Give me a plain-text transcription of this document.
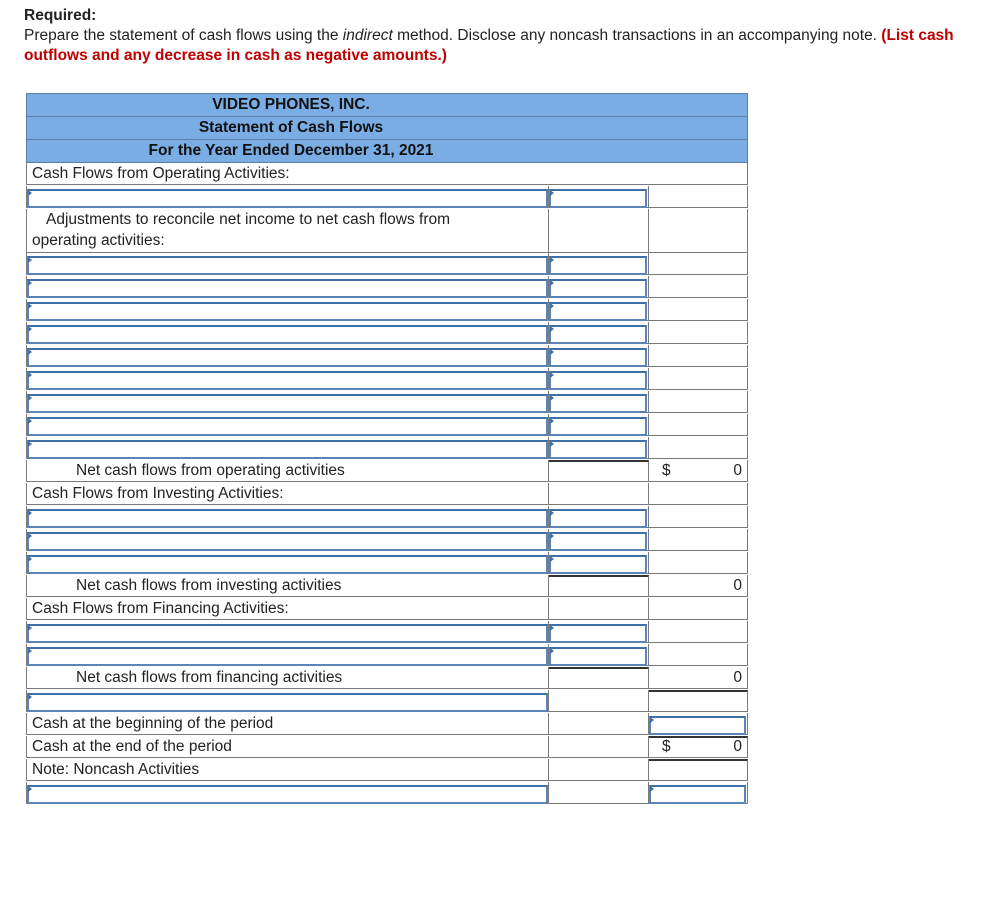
Required:
Prepare the statement of cash flows using the indirect method. Disclose any noncash transactions in an accompanying note. (List cash outflows and any decrease in cash as negative amounts.)
VIDEO PHONES, INC.
Statement of Cash Flows
For the Year Ended December 31, 2021
Cash Flows from Operating Activities:
Adjustments to reconcile net income to net cash flows from
operating activities:
Net cash flows from operating activities	$	0
Cash Flows from Investing Activities:
Net cash flows from investing activities	0
Cash Flows from Financing Activities:
Net cash flows from financing activities	0
Cash at the beginning of the period
Cash at the end of the period	$	0
Note: Noncash Activities
